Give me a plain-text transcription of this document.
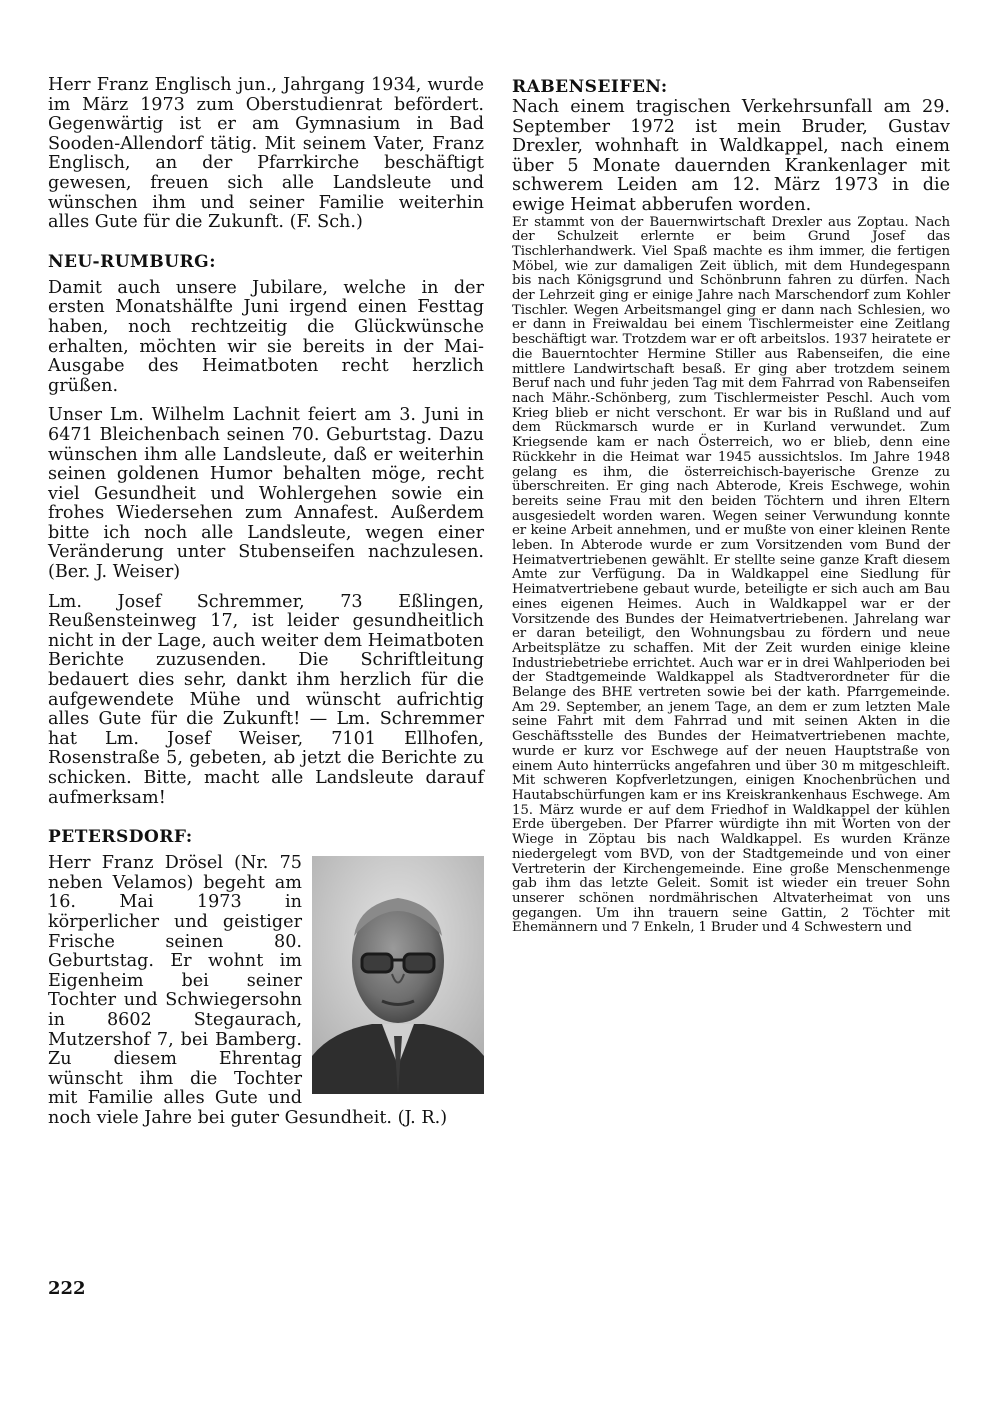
Herr Franz Englisch jun., Jahrgang 1934, wurde im März 1973 zum Oberstudienrat befördert. Gegenwärtig ist er am Gymnasium in Bad Sooden-Allendorf tätig. Mit seinem Vater, Franz Englisch, an der Pfarrkirche beschäftigt gewesen, freuen sich alle Landsleute und wünschen ihm und seiner Familie weiterhin alles Gute für die Zukunft. (F. Sch.)

NEU-RUMBURG:

Damit auch unsere Jubilare, welche in der ersten Monatshälfte Juni irgend einen Festtag haben, noch rechtzeitig die Glückwünsche erhalten, möchten wir sie bereits in der Mai-Ausgabe des Heimatboten recht herzlich grüßen.

Unser Lm. Wilhelm Lachnit feiert am 3. Juni in 6471 Bleichenbach seinen 70. Geburtstag. Dazu wünschen ihm alle Landsleute, daß er weiterhin seinen goldenen Humor behalten möge, recht viel Gesundheit und Wohlergehen sowie ein frohes Wiedersehen zum Annafest. Außerdem bitte ich noch alle Landsleute, wegen einer Veränderung unter Stubenseifen nachzulesen. (Ber. J. Weiser)

Lm. Josef Schremmer, 73 Eßlingen, Reußensteinweg 17, ist leider gesundheitlich nicht in der Lage, auch weiter dem Heimatboten Berichte zuzusenden. Die Schriftleitung bedauert dies sehr, dankt ihm herzlich für die aufgewendete Mühe und wünscht aufrichtig alles Gute für die Zukunft! — Lm. Schremmer hat Lm. Josef Weiser, 7101 Ellhofen, Rosenstraße 5, gebeten, ab jetzt die Berichte zu schicken. Bitte, macht alle Landsleute darauf aufmerksam!

PETERSDORF:

Herr Franz Drösel (Nr. 75 neben Velamos) begeht am 16. Mai 1973 in körperlicher und geistiger Frische seinen 80. Geburtstag. Er wohnt im Eigenheim bei seiner Tochter und Schwiegersohn in 8602 Stegaurach, Mutzershof 7, bei Bamberg. Zu diesem Ehrentag wünscht ihm die Tochter mit Familie alles Gute und noch viele Jahre bei guter Gesundheit. (J. R.)

RABENSEIFEN:

Nach einem tragischen Verkehrsunfall am 29. September 1972 ist mein Bruder, Gustav Drexler, wohnhaft in Waldkappel, nach einem über 5 Monate dauernden Krankenlager mit schwerem Leiden am 12. März 1973 in die ewige Heimat abberufen worden.

Er stammt von der Bauernwirtschaft Drexler aus Zoptau. Nach der Schulzeit erlernte er beim Grund Josef das Tischlerhandwerk. Viel Spaß machte es ihm immer, die fertigen Möbel, wie zur damaligen Zeit üblich, mit dem Hundegespann bis nach Königsgrund und Schönbrunn fahren zu dürfen. Nach der Lehrzeit ging er einige Jahre nach Marschendorf zum Kohler Tischler. Wegen Arbeitsmangel ging er dann nach Schlesien, wo er dann in Freiwaldau bei einem Tischlermeister eine Zeitlang beschäftigt war. Trotzdem war er oft arbeitslos. 1937 heiratete er die Bauerntochter Hermine Stiller aus Rabenseifen, die eine mittlere Landwirtschaft besaß. Er ging aber trotzdem seinem Beruf nach und fuhr jeden Tag mit dem Fahrrad von Rabenseifen nach Mähr.-Schönberg, zum Tischlermeister Peschl. Auch vom Krieg blieb er nicht verschont. Er war bis in Rußland und auf dem Rückmarsch wurde er in Kurland verwundet. Zum Kriegsende kam er nach Österreich, wo er blieb, denn eine Rückkehr in die Heimat war 1945 aussichtslos. Im Jahre 1948 gelang es ihm, die österreichisch-bayerische Grenze zu überschreiten. Er ging nach Abterode, Kreis Eschwege, wohin bereits seine Frau mit den beiden Töchtern und ihren Eltern ausgesiedelt worden waren. Wegen seiner Verwundung konnte er keine Arbeit annehmen, und er mußte von einer kleinen Rente leben. In Abterode wurde er zum Vorsitzenden vom Bund der Heimatvertriebenen gewählt. Er stellte seine ganze Kraft diesem Amte zur Verfügung. Da in Waldkappel eine Siedlung für Heimatvertriebene gebaut wurde, beteiligte er sich auch am Bau eines eigenen Heimes. Auch in Waldkappel war er der Vorsitzende des Bundes der Heimatvertriebenen. Jahrelang war er daran beteiligt, den Wohnungsbau zu fördern und neue Arbeitsplätze zu schaffen. Mit der Zeit wurden einige kleine Industriebetriebe errichtet. Auch war er in drei Wahlperioden bei der Stadtgemeinde Waldkappel als Stadtverordneter für die Belange des BHE vertreten sowie bei der kath. Pfarrgemeinde. Am 29. September, an jenem Tage, an dem er zum letzten Male seine Fahrt mit dem Fahrrad und mit seinen Akten in die Geschäftsstelle des Bundes der Heimatvertriebenen machte, wurde er kurz vor Eschwege auf der neuen Hauptstraße von einem Auto hinterrücks angefahren und über 30 m mitgeschleift. Mit schweren Kopfverletzungen, einigen Knochenbrüchen und Hautabschürfungen kam er ins Kreiskrankenhaus Eschwege. Am 15. März wurde er auf dem Friedhof in Waldkappel der kühlen Erde übergeben. Der Pfarrer würdigte ihn mit Worten von der Wiege in Zöptau bis nach Waldkappel. Es wurden Kränze niedergelegt vom BVD, von der Stadtgemeinde und von einer Vertreterin der Kirchengemeinde. Eine große Menschenmenge gab ihm das letzte Geleit. Somit ist wieder ein treuer Sohn unserer schönen nordmährischen Altvaterheimat von uns gegangen. Um ihn trauern seine Gattin, 2 Töchter mit Ehemännern und 7 Enkeln, 1 Bruder und 4 Schwestern und

222
